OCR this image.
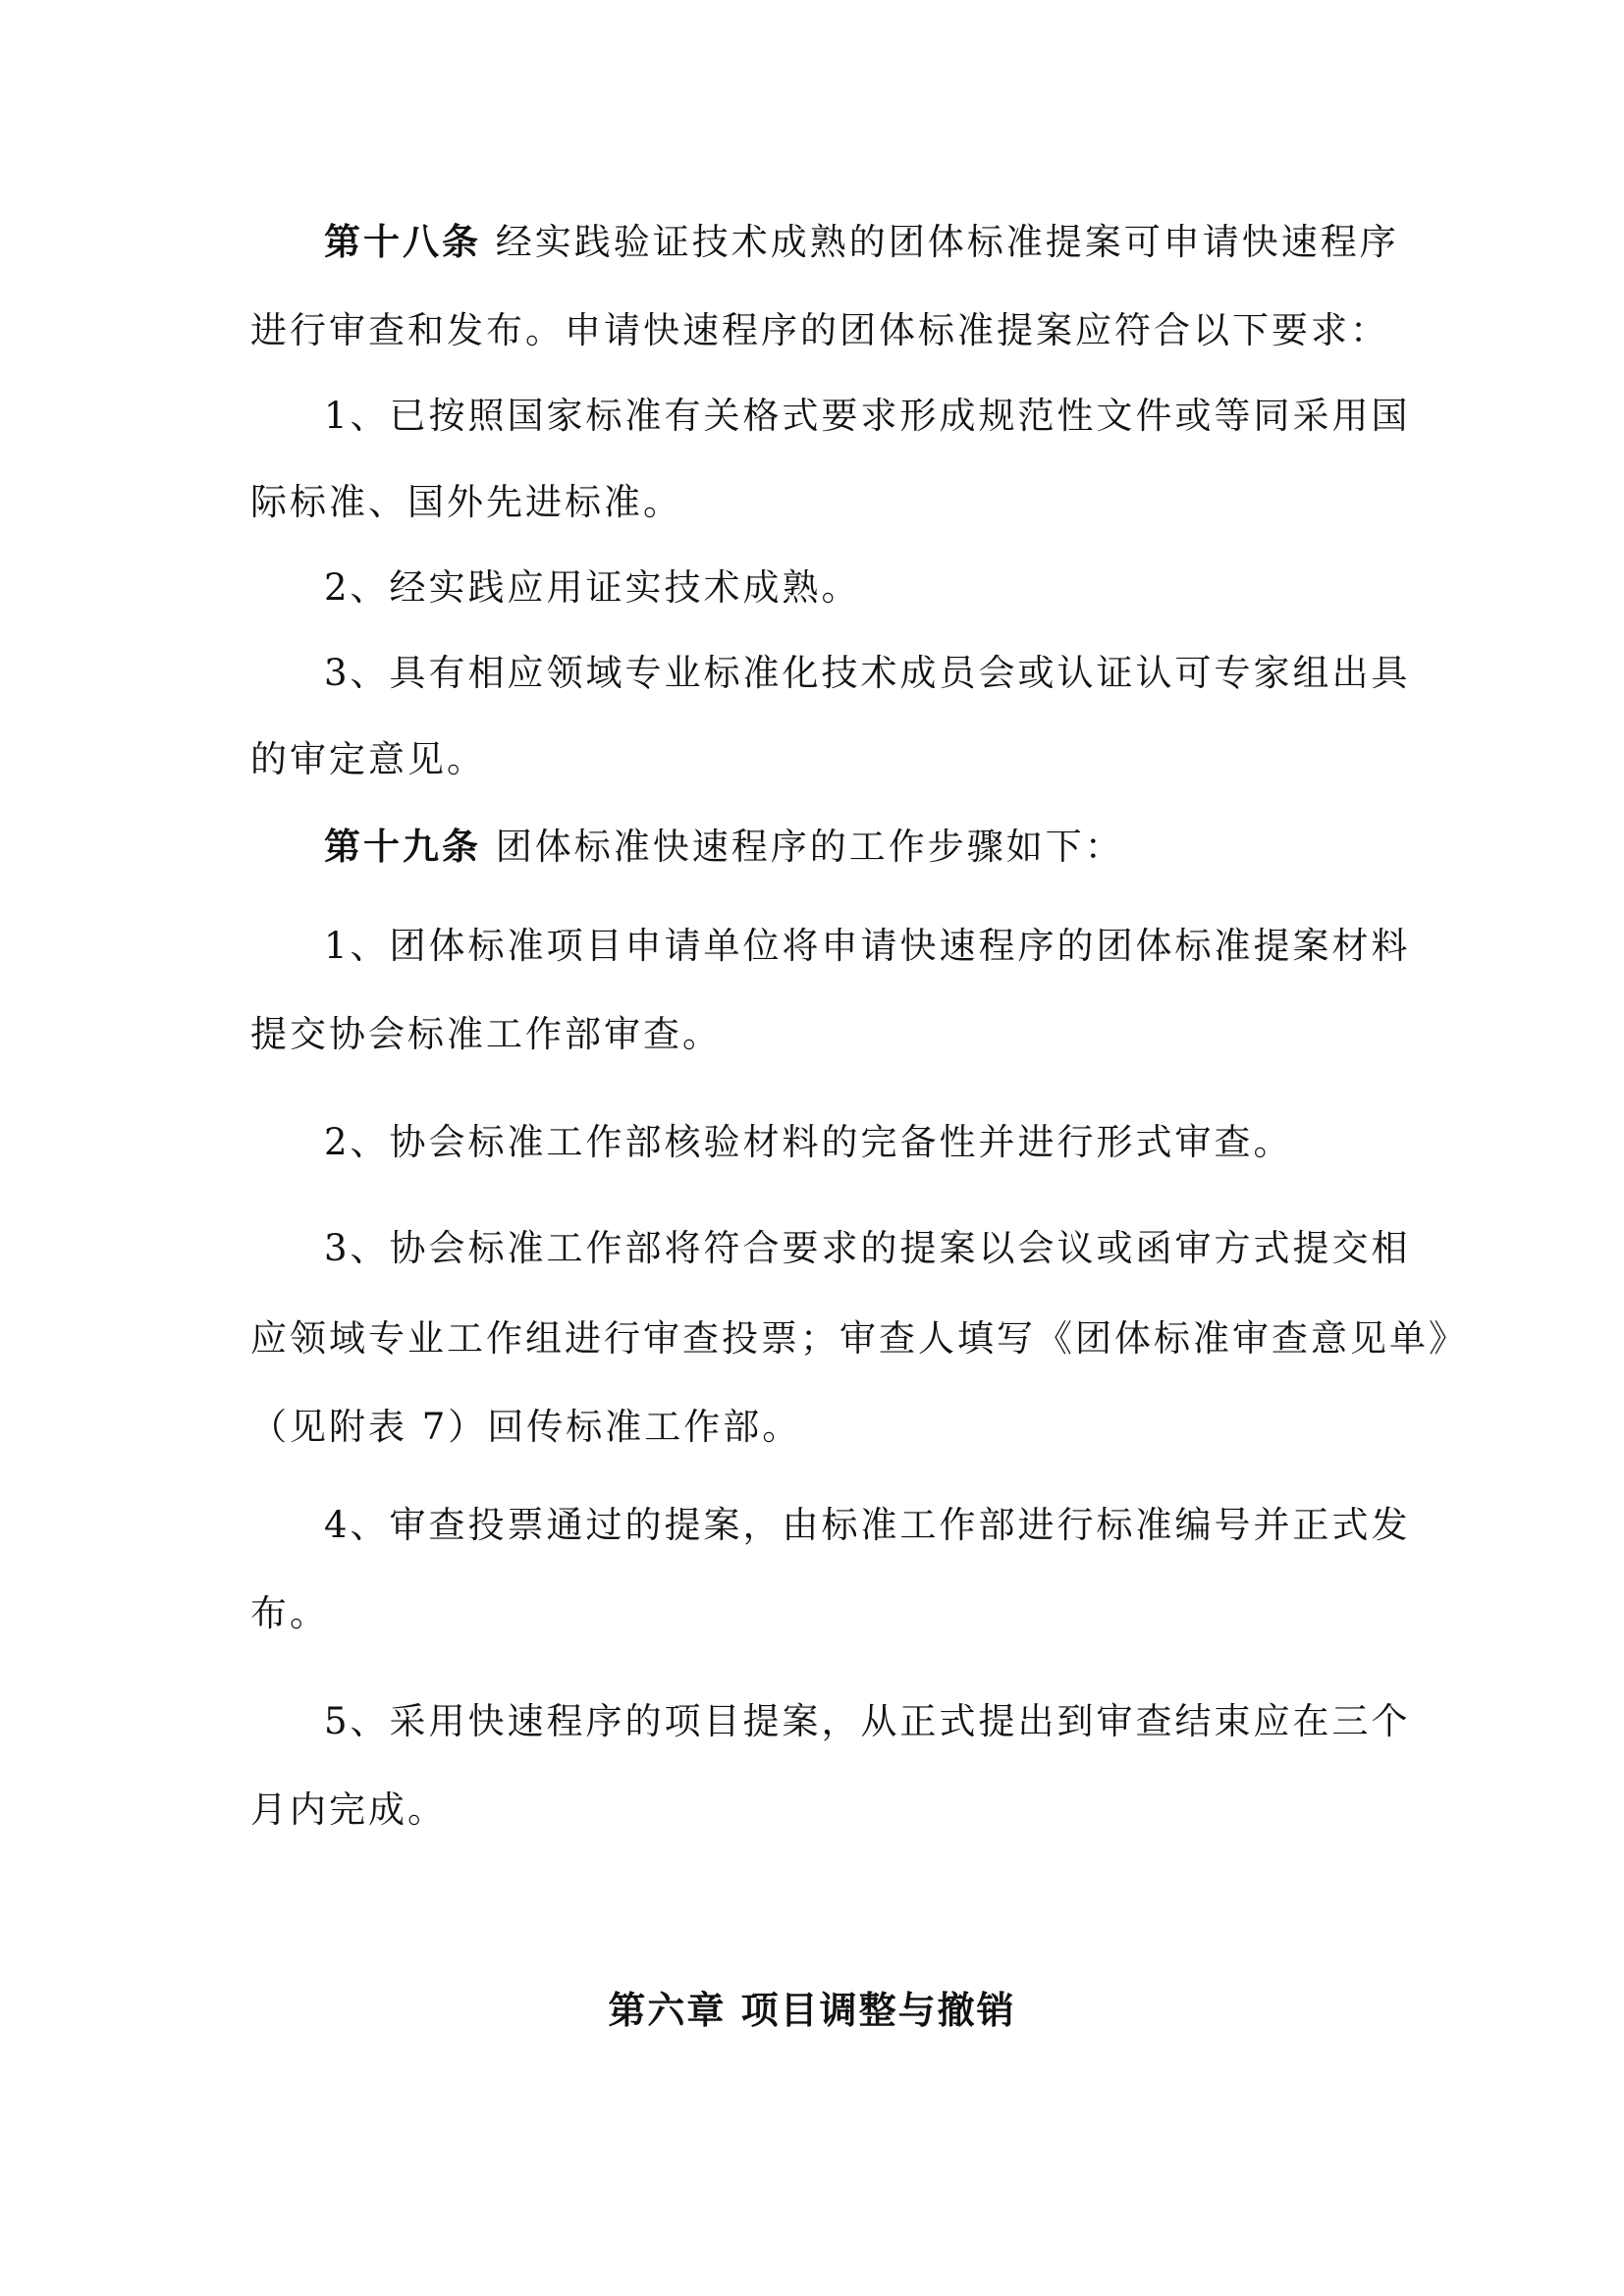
第十八条 经实践验证技术成熟的团体标准提案可申请快速程序
进行审查和发布。申请快速程序的团体标准提案应符合以下要求：
1、已按照国家标准有关格式要求形成规范性文件或等同采用国
际标准、国外先进标准。
2、经实践应用证实技术成熟。
3、具有相应领域专业标准化技术成员会或认证认可专家组出具
的审定意见。
第十九条 团体标准快速程序的工作步骤如下：
1、团体标准项目申请单位将申请快速程序的团体标准提案材料
提交协会标准工作部审查。
2、协会标准工作部核验材料的完备性并进行形式审查。
3、协会标准工作部将符合要求的提案以会议或函审方式提交相
应领域专业工作组进行审查投票；审查人填写《团体标准审查意见单》
（见附表 7）回传标准工作部。
4、审查投票通过的提案，由标准工作部进行标准编号并正式发
布。
5、采用快速程序的项目提案，从正式提出到审查结束应在三个
月内完成。
第六章 项目调整与撤销
